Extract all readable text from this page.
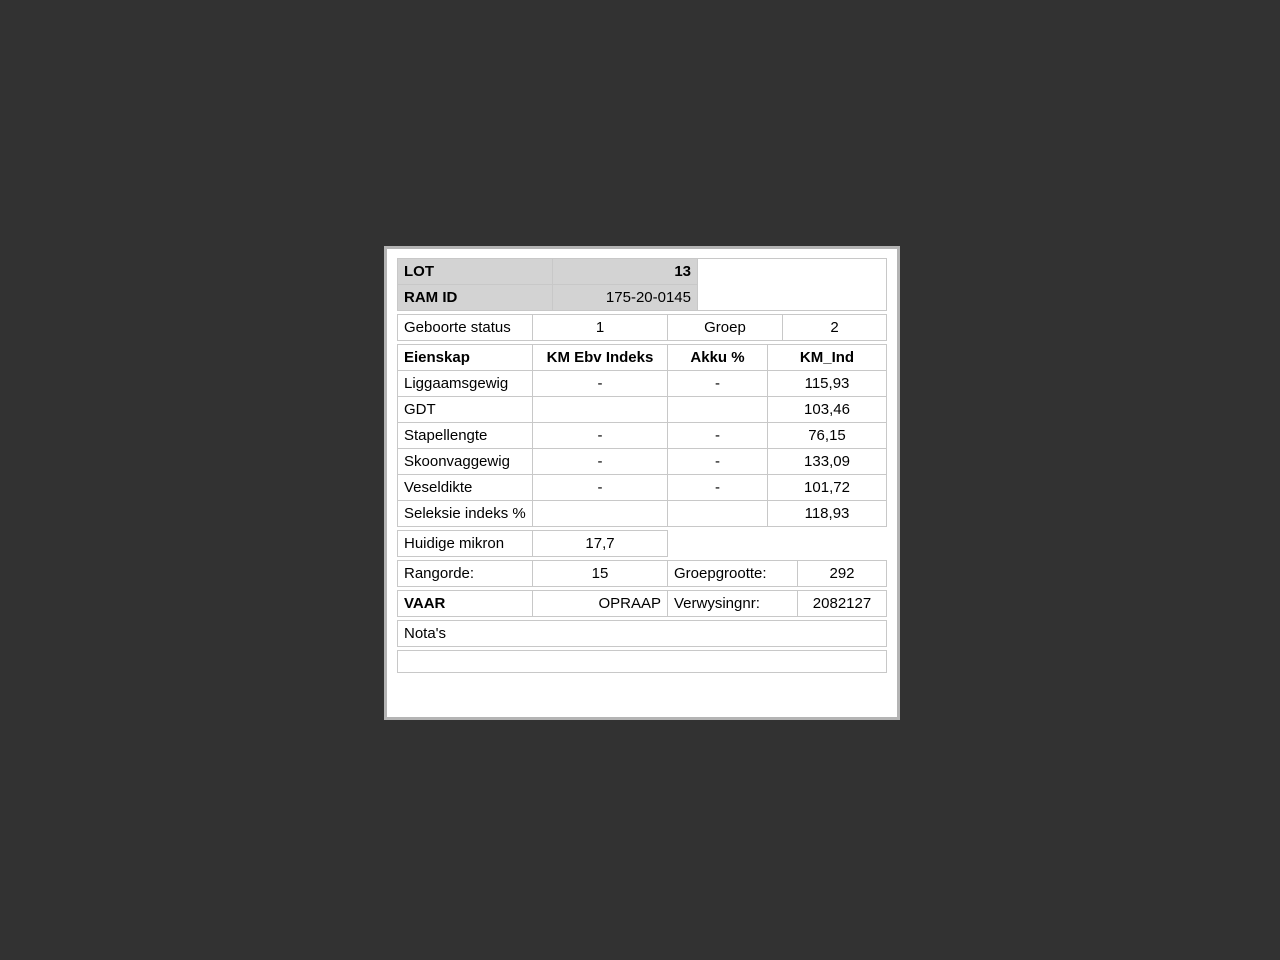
LOT	13	
RAM ID	175-20-0145	
Geboorte status	1	Groep	2
Eienskap	KM Ebv Indeks	Akku %	KM_Ind
Liggaamsgewig	-	-	115,93
GDT			103,46
Stapellengte	-	-	76,15
Skoonvaggewig	-	-	133,09
Veseldikte	-	-	101,72
Seleksie indeks %			118,93
Huidige mikron	17,7	
Rangorde:	15	Groepgrootte:	292
VAAR	OPRAAP	Verwysingnr:	2082127
Nota's
